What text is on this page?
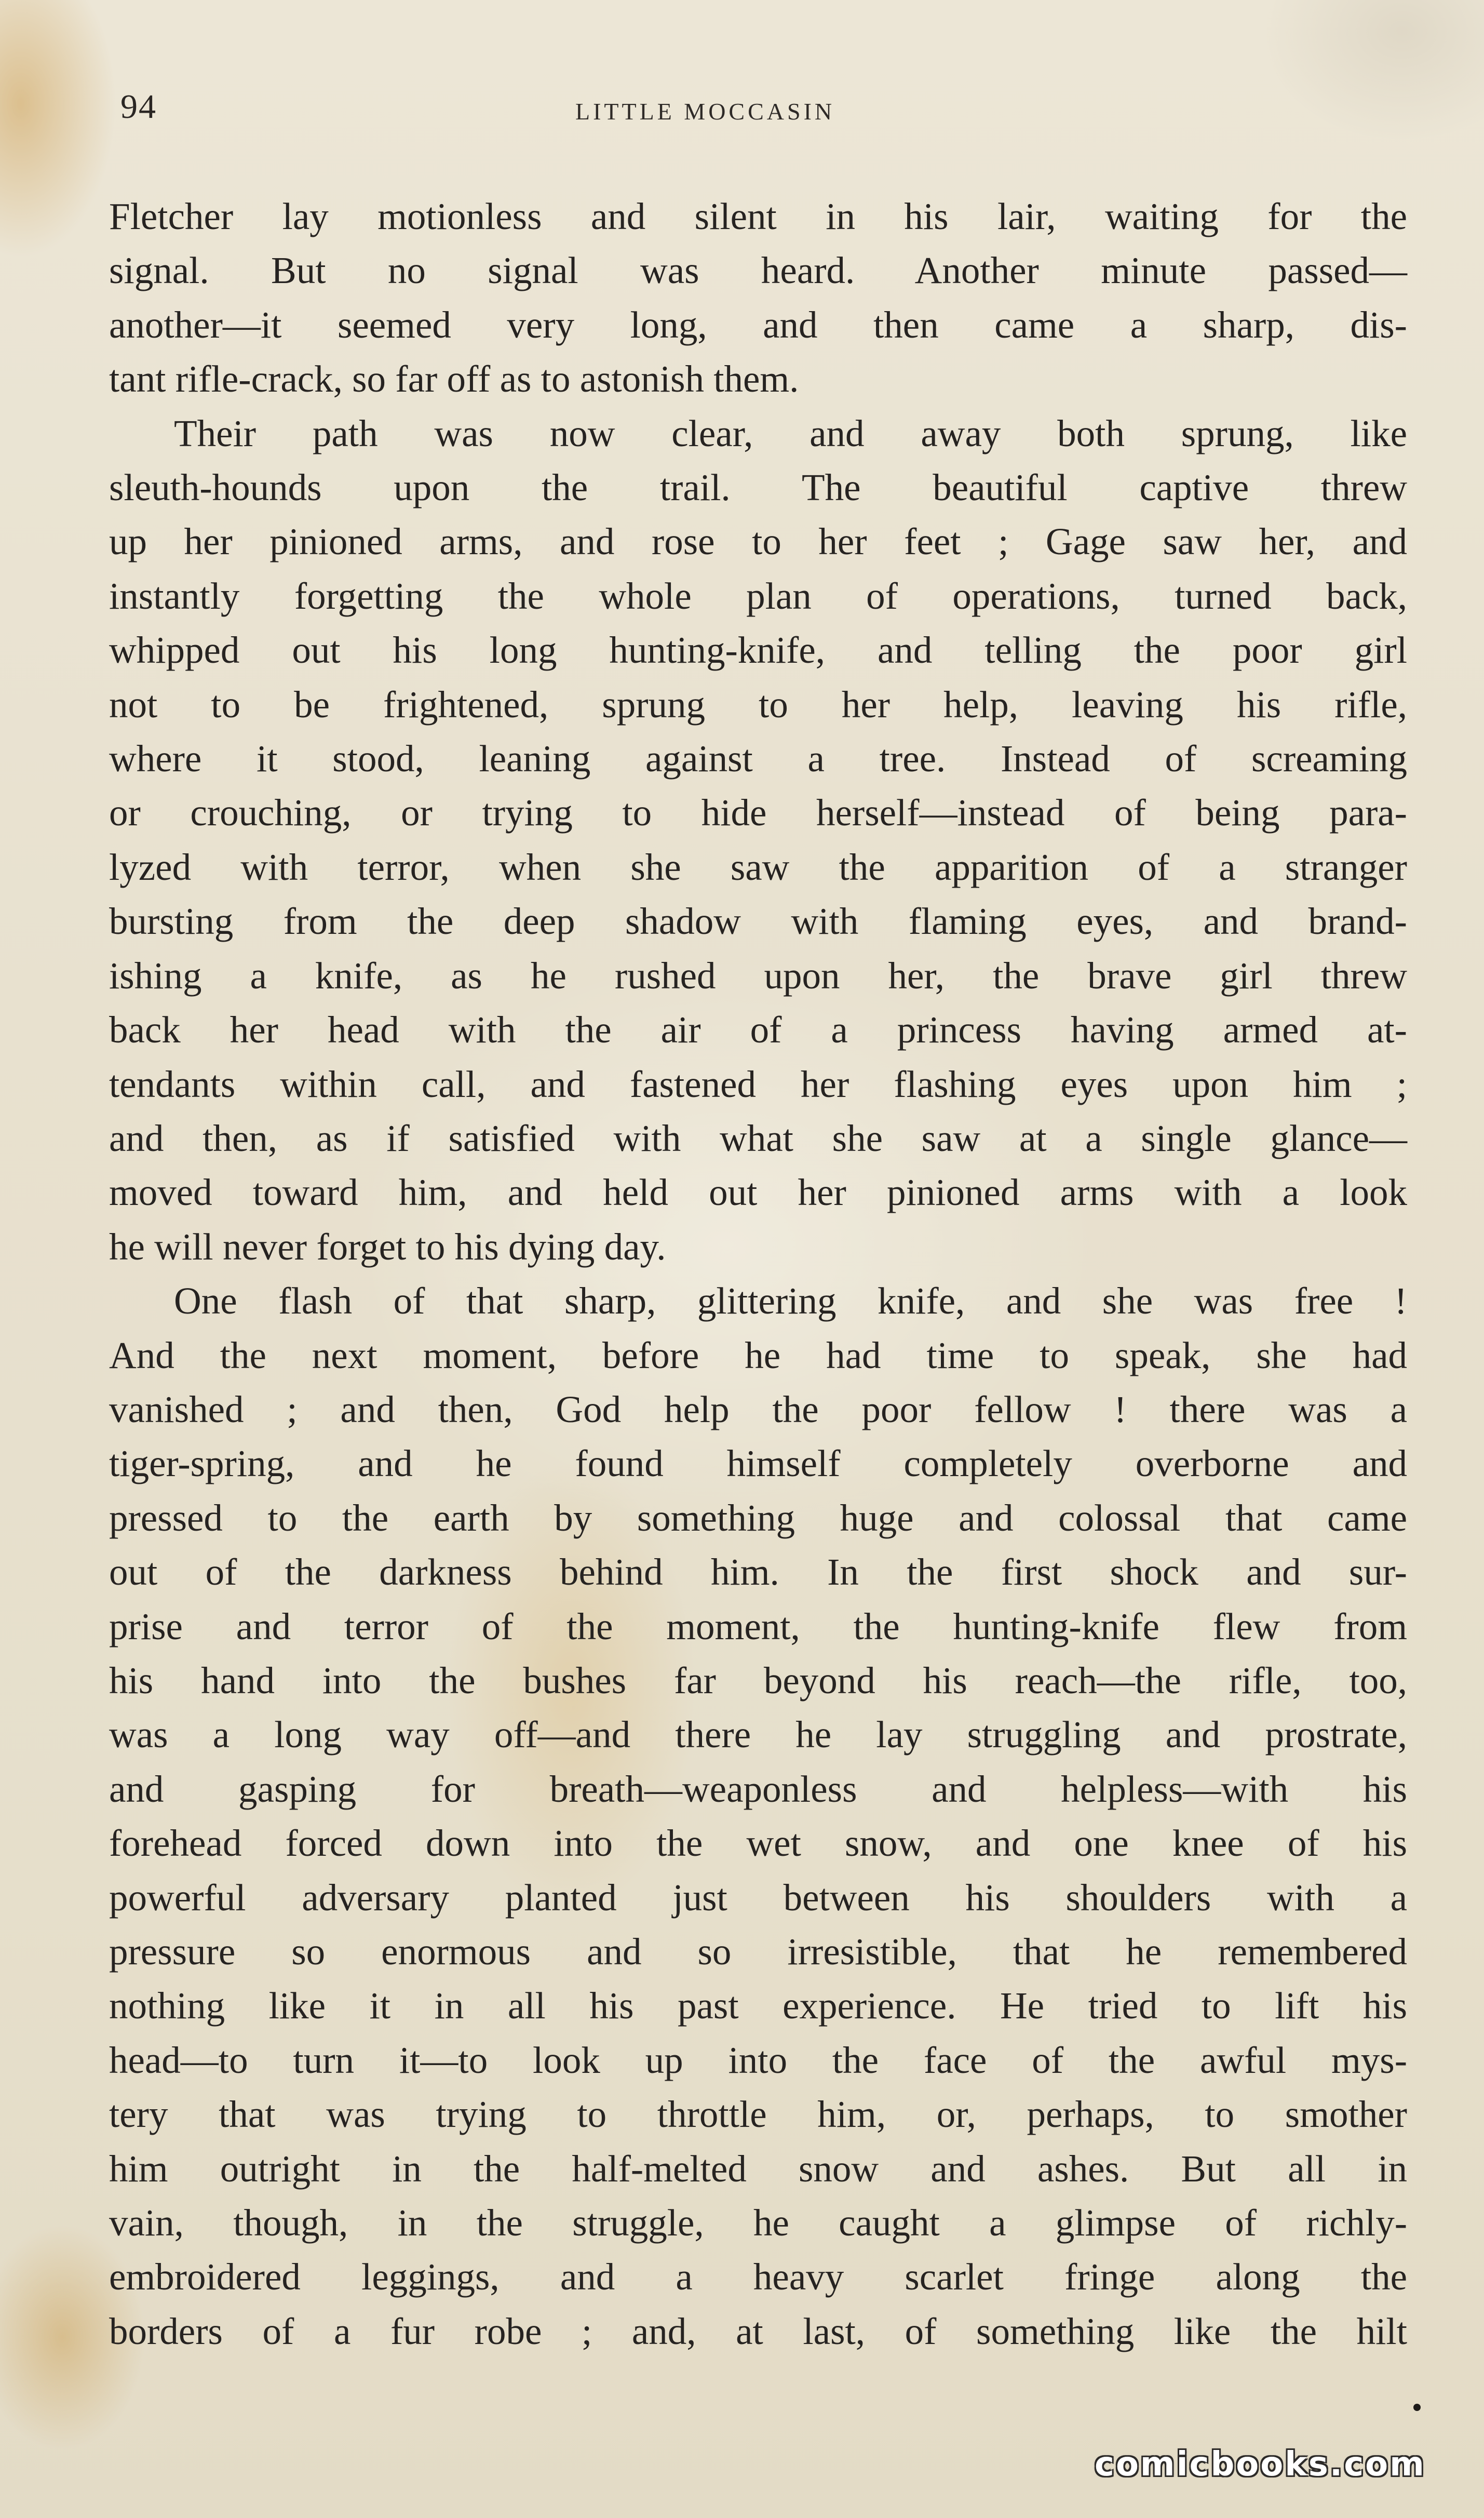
94	LITTLE MOCCASIN
Fletcher lay motionless and silent in his lair, waiting for the
signal. But no signal was heard. Another minute passed—
another—it seemed very long, and then came a sharp, dis-
tant rifle-crack, so far off as to astonish them.
Their path was now clear, and away both sprung, like
sleuth-hounds upon the trail. The beautiful captive threw
up her pinioned arms, and rose to her feet ; Gage saw her, and
instantly forgetting the whole plan of operations, turned back,
whipped out his long hunting-knife, and telling the poor girl
not to be frightened, sprung to her help, leaving his rifle,
where it stood, leaning against a tree. Instead of screaming
or crouching, or trying to hide herself—instead of being para-
lyzed with terror, when she saw the apparition of a stranger
bursting from the deep shadow with flaming eyes, and brand-
ishing a knife, as he rushed upon her, the brave girl threw
back her head with the air of a princess having armed at-
tendants within call, and fastened her flashing eyes upon him ;
and then, as if satisfied with what she saw at a single glance—
moved toward him, and held out her pinioned arms with a look
he will never forget to his dying day.
One flash of that sharp, glittering knife, and she was free !
And the next moment, before he had time to speak, she had
vanished ; and then, God help the poor fellow ! there was a
tiger-spring, and he found himself completely overborne and
pressed to the earth by something huge and colossal that came
out of the darkness behind him. In the first shock and sur-
prise and terror of the moment, the hunting-knife flew from
his hand into the bushes far beyond his reach—the rifle, too,
was a long way off—and there he lay struggling and prostrate,
and gasping for breath—weaponless and helpless—with his
forehead forced down into the wet snow, and one knee of his
powerful adversary planted just between his shoulders with a
pressure so enormous and so irresistible, that he remembered
nothing like it in all his past experience. He tried to lift his
head—to turn it—to look up into the face of the awful mys-
tery that was trying to throttle him, or, perhaps, to smother
him outright in the half-melted snow and ashes. But all in
vain, though, in the struggle, he caught a glimpse of richly-
embroidered leggings, and a heavy scarlet fringe along the
borders of a fur robe ; and, at last, of something like the hilt
comicbooks.com
